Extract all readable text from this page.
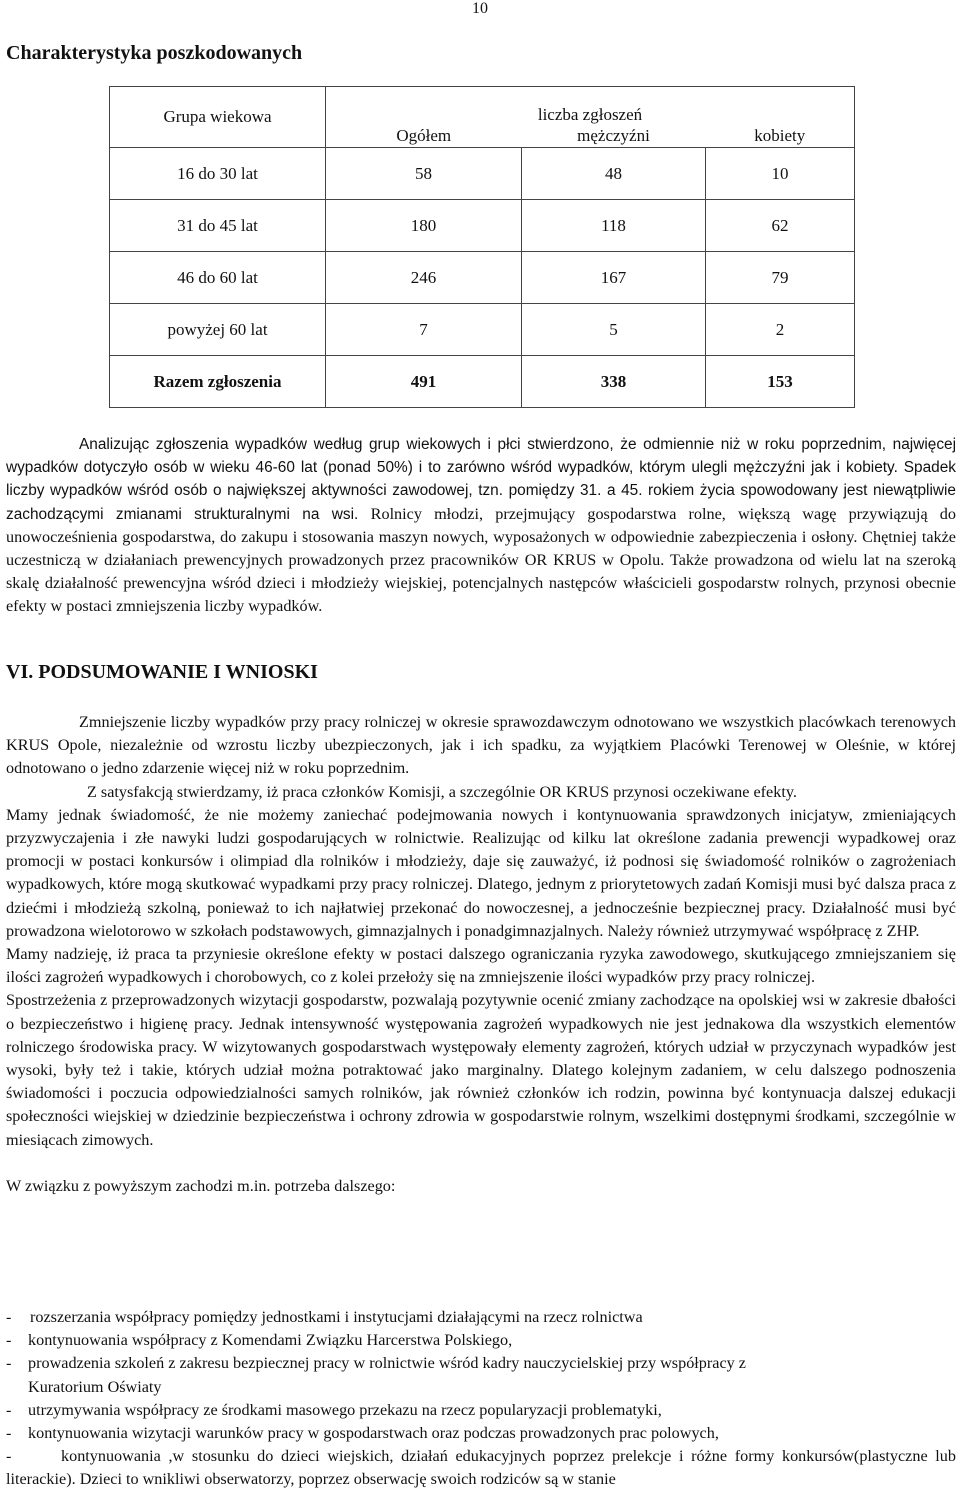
10
Charakterystyka poszkodowanych
Grupa wiekowa	liczba zgłoszeń		
	Ogółem	mężczyźni	kobiety
16 do 30 lat	58	48	10
31 do 45 lat	180	118	62
46 do 60 lat	246	167	79
powyżej 60 lat	7	5	2
Razem zgłoszenia	491	338	153

Analizując zgłoszenia wypadków według grup wiekowych i płci stwierdzono, że odmiennie niż w roku poprzednim, najwięcej wypadków dotyczyło osób w wieku 46-60 lat (ponad 50%) i to zarówno wśród wypadków, którym ulegli mężczyźni jak i kobiety. Spadek liczby wypadków wśród osób o największej aktywności zawodowej, tzn. pomiędzy 31. a 45. rokiem życia spowodowany jest niewątpliwie zachodzącymi zmianami strukturalnymi na wsi. Rolnicy młodzi, przejmujący gospodarstwa rolne, większą wagę przywiązują do unowocześnienia gospodarstwa, do zakupu i stosowania maszyn nowych, wyposażonych w odpowiednie zabezpieczenia i osłony. Chętniej także uczestniczą w działaniach prewencyjnych prowadzonych przez pracowników OR KRUS w Opolu. Także prowadzona od wielu lat na szeroką skalę działalność prewencyjna wśród dzieci i młodzieży wiejskiej, potencjalnych następców właścicieli gospodarstw rolnych, przynosi obecnie efekty w postaci zmniejszenia liczby wypadków.

VI. PODSUMOWANIE I WNIOSKI

Zmniejszenie liczby wypadków przy pracy rolniczej w okresie sprawozdawczym odnotowano we wszystkich placówkach terenowych KRUS Opole, niezależnie od wzrostu liczby ubezpieczonych, jak i ich spadku, za wyjątkiem Placówki Terenowej w Oleśnie, w której odnotowano o jedno zdarzenie więcej niż w roku poprzednim.

Z satysfakcją stwierdzamy, iż praca członków Komisji, a szczególnie OR KRUS przynosi oczekiwane efekty.

Mamy jednak świadomość, że nie możemy zaniechać podejmowania nowych i kontynuowania sprawdzonych inicjatyw, zmieniających przyzwyczajenia i złe nawyki ludzi gospodarujących w rolnictwie. Realizując od kilku lat określone zadania prewencji wypadkowej oraz promocji w postaci konkursów i olimpiad dla rolników i młodzieży, daje się zauważyć, iż podnosi się świadomość rolników o zagrożeniach wypadkowych, które mogą skutkować wypadkami przy pracy rolniczej. Dlatego, jednym z priorytetowych zadań Komisji musi być dalsza praca z dziećmi i młodzieżą szkolną, ponieważ to ich najłatwiej przekonać do nowoczesnej, a jednocześnie bezpiecznej pracy. Działalność musi być prowadzona wielotorowo w szkołach podstawowych, gimnazjalnych i ponadgimnazjalnych. Należy również utrzymywać współpracę z ZHP.

Mamy nadzieję, iż praca ta przyniesie określone efekty w postaci dalszego ograniczania ryzyka zawodowego, skutkującego zmniejszaniem się ilości zagrożeń wypadkowych i chorobowych, co z kolei przełoży się na zmniejszenie ilości wypadków przy pracy rolniczej.

Spostrzeżenia z przeprowadzonych wizytacji gospodarstw, pozwalają pozytywnie ocenić zmiany zachodzące na opolskiej wsi w zakresie dbałości o bezpieczeństwo i higienę pracy. Jednak intensywność występowania zagrożeń wypadkowych nie jest jednakowa dla wszystkich elementów rolniczego środowiska pracy. W wizytowanych gospodarstwach występowały elementy zagrożeń, których udział w przyczynach wypadków jest wysoki, były też i takie, których udział można potraktować jako marginalny. Dlatego kolejnym zadaniem, w celu dalszego podnoszenia świadomości i poczucia odpowiedzialności samych rolników, jak również członków ich rodzin, powinna być kontynuacja dalszej edukacji społeczności wiejskiej w dziedzinie bezpieczeństwa i ochrony zdrowia w gospodarstwie rolnym, wszelkimi dostępnymi środkami, szczególnie w miesiącach zimowych.

W związku z powyższym zachodzi m.in. potrzeba dalszego:

-	rozszerzania współpracy pomiędzy jednostkami i instytucjami działającymi na rzecz rolnictwa
-	kontynuowania współpracy z Komendami Związku Harcerstwa Polskiego,
-	prowadzenia szkoleń z zakresu bezpiecznej pracy w rolnictwie wśród kadry nauczycielskiej przy współpracy z Kuratorium Oświaty
-	utrzymywania współpracy ze środkami masowego przekazu na rzecz popularyzacji problematyki,
-	kontynuowania wizytacji warunków pracy w gospodarstwach oraz podczas prowadzonych prac polowych,
-	kontynuowania ,w stosunku do dzieci wiejskich, działań edukacyjnych poprzez prelekcje i różne formy konkursów(plastyczne lub literackie). Dzieci to wnikliwi obserwatorzy, poprzez obserwację swoich rodziców są w stanie
